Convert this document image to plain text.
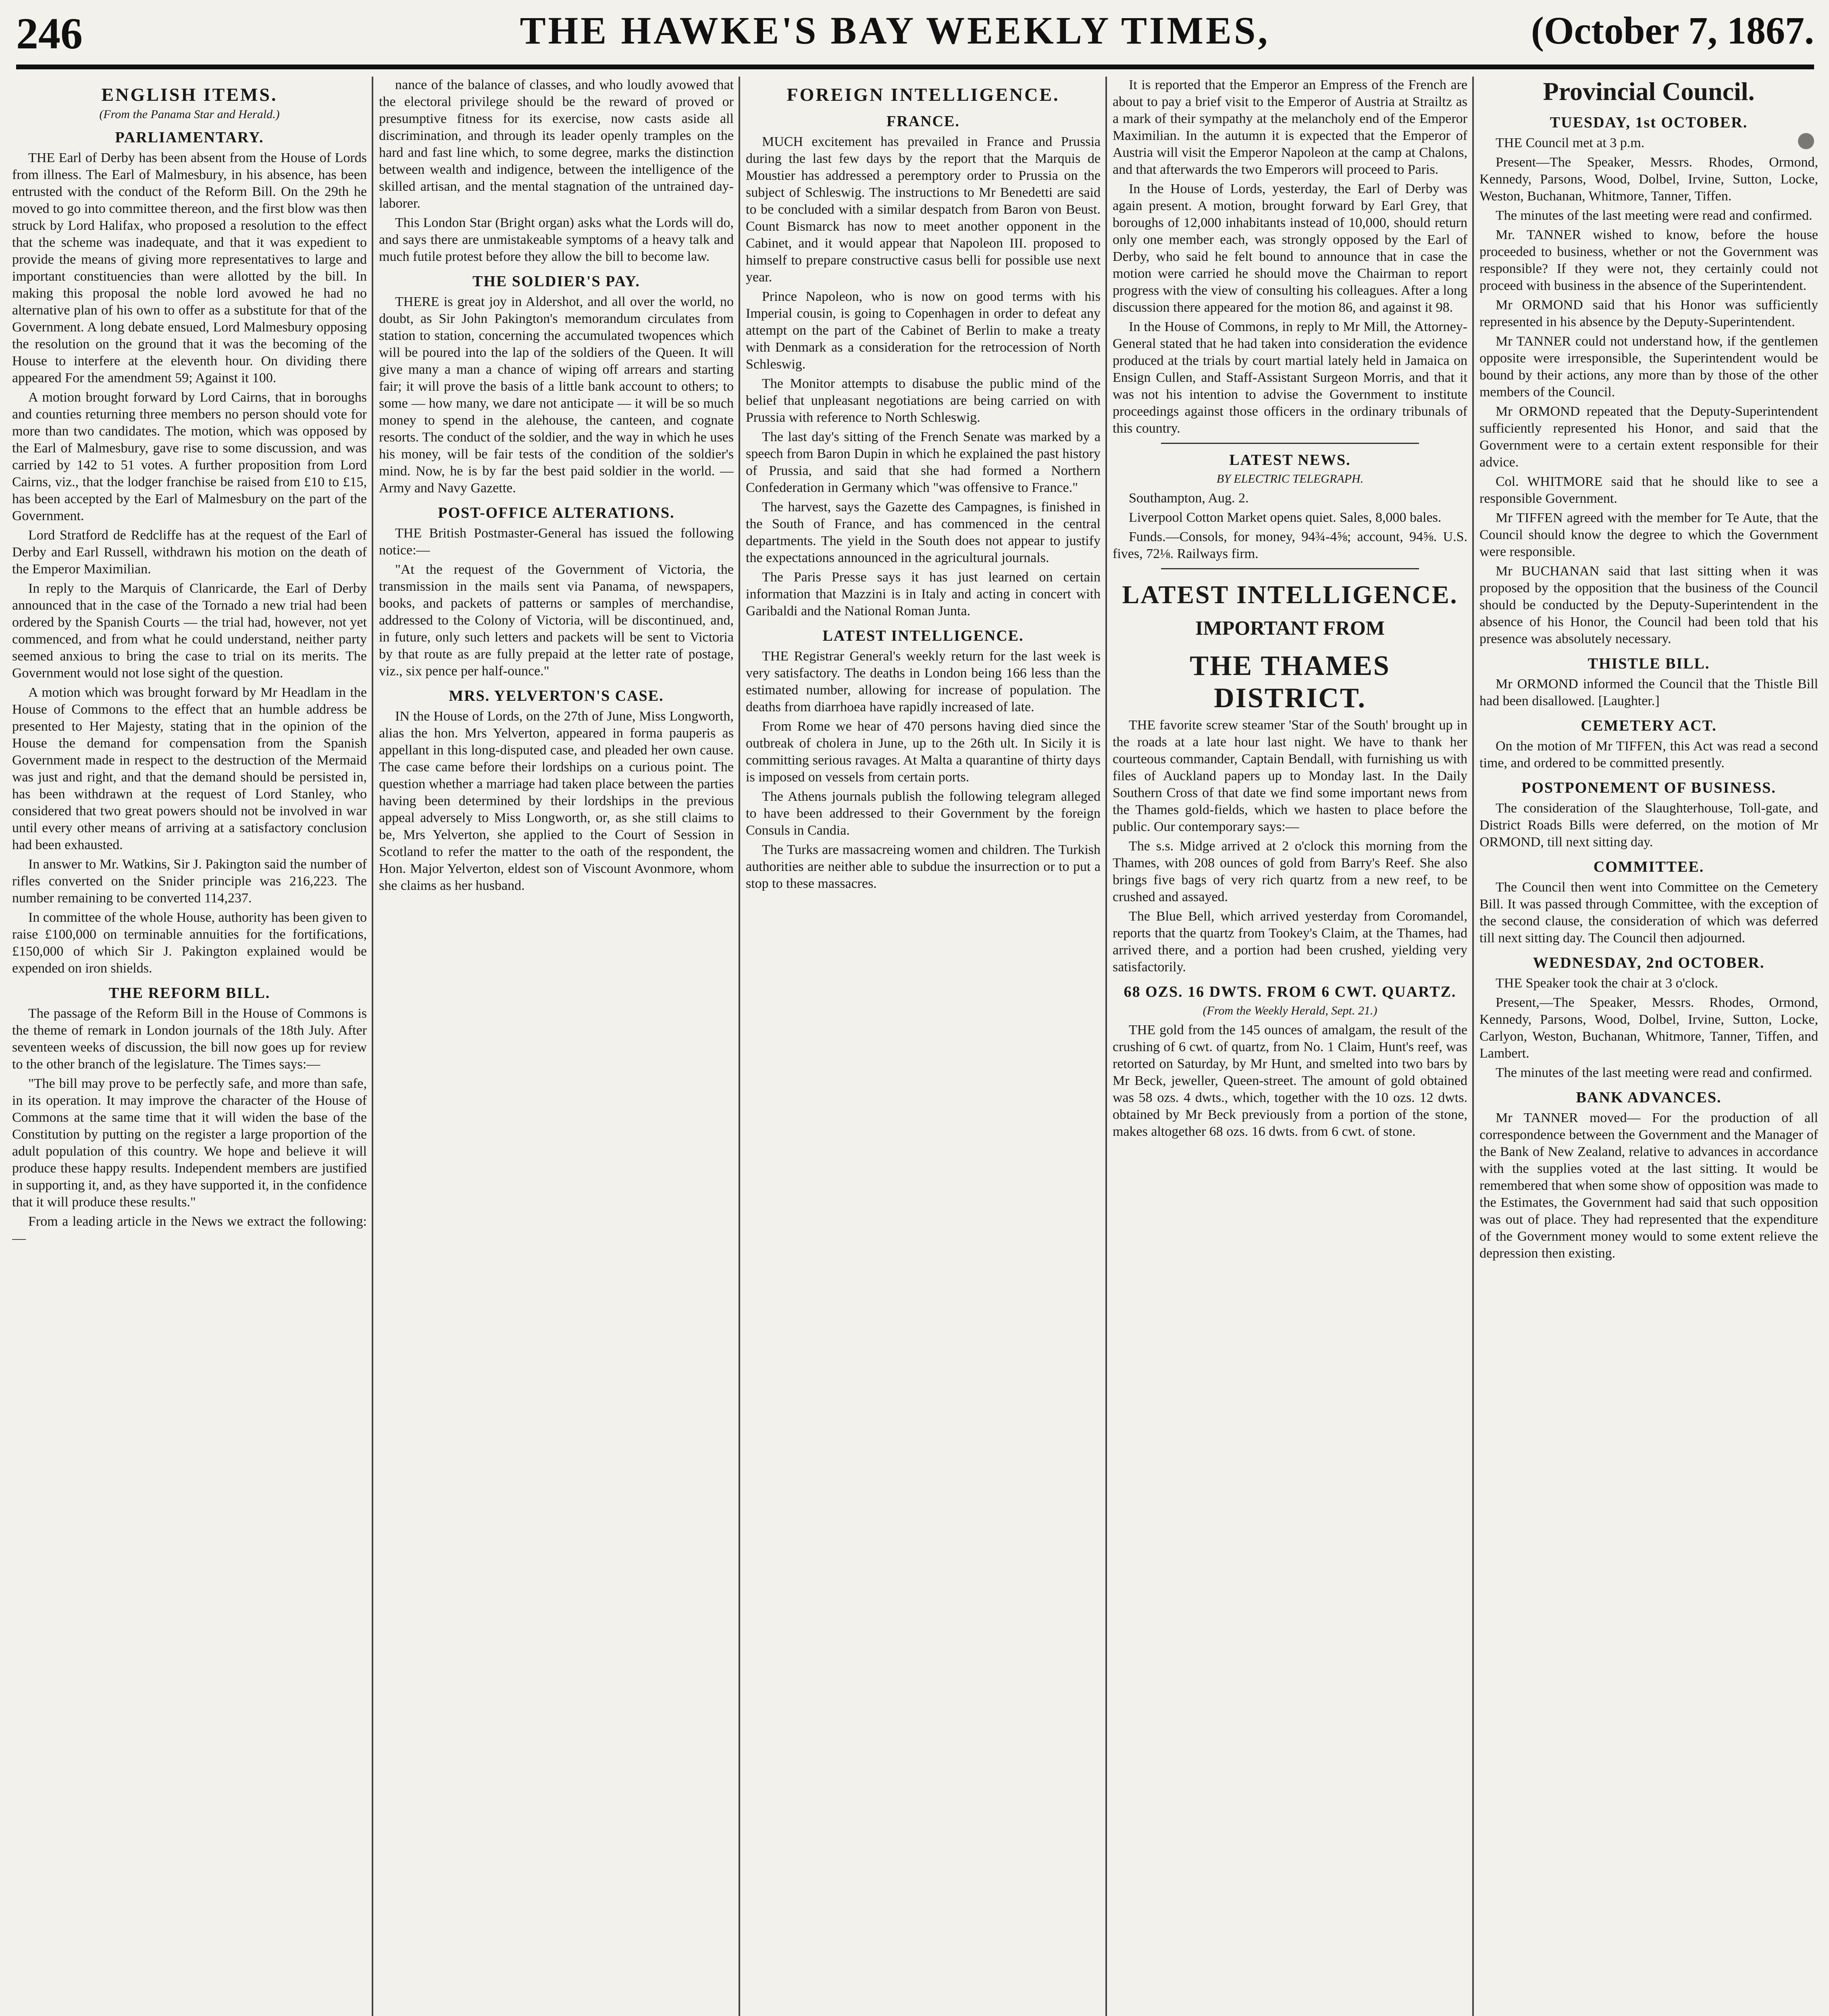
246	THE HAWKE'S BAY WEEKLY TIMES,	(October 7, 1867.
ENGLISH ITEMS.
(From the Panama Star and Herald.)
PARLIAMENTARY.

THE Earl of Derby has been absent from the House of Lords from illness. The Earl of Malmesbury, in his absence, has been entrusted with the conduct of the Reform Bill. On the 29th he moved to go into committee thereon, and the first blow was then struck by Lord Halifax, who proposed a resolution to the effect that the scheme was inadequate, and that it was expedient to provide the means of giving more representatives to large and important constituencies than were allotted by the bill. In making this proposal the noble lord avowed he had no alternative plan of his own to offer as a substitute for that of the Government. A long debate ensued, Lord Malmesbury opposing the resolution on the ground that it was the becoming of the House to interfere at the eleventh hour. On dividing there appeared For the amendment 59; Against it 100.

A motion brought forward by Lord Cairns, that in boroughs and counties returning three members no person should vote for more than two candidates. The motion, which was opposed by the Earl of Malmesbury, gave rise to some discussion, and was carried by 142 to 51 votes. A further proposition from Lord Cairns, viz., that the lodger franchise be raised from £10 to £15, has been accepted by the Earl of Malmesbury on the part of the Government.

Lord Stratford de Redcliffe has at the request of the Earl of Derby and Earl Russell, withdrawn his motion on the death of the Emperor Maximilian.

In reply to the Marquis of Clanricarde, the Earl of Derby announced that in the case of the Tornado a new trial had been ordered by the Spanish Courts — the trial had, however, not yet commenced, and from what he could understand, neither party seemed anxious to bring the case to trial on its merits. The Government would not lose sight of the question.

A motion which was brought forward by Mr Headlam in the House of Commons to the effect that an humble address be presented to Her Majesty, stating that in the opinion of the House the demand for compensation from the Spanish Government made in respect to the destruction of the Mermaid was just and right, and that the demand should be persisted in, has been withdrawn at the request of Lord Stanley, who considered that two great powers should not be involved in war until every other means of arriving at a satisfactory conclusion had been exhausted.

In answer to Mr. Watkins, Sir J. Pakington said the number of rifles converted on the Snider principle was 216,223. The number remaining to be converted 114,237.

In committee of the whole House, authority has been given to raise £100,000 on terminable annuities for the fortifications, £150,000 of which Sir J. Pakington explained would be expended on iron shields.

THE REFORM BILL.

The passage of the Reform Bill in the House of Commons is the theme of remark in London journals of the 18th July. After seventeen weeks of discussion, the bill now goes up for review to the other branch of the legislature. The Times says:—

"The bill may prove to be perfectly safe, and more than safe, in its operation. It may improve the character of the House of Commons at the same time that it will widen the base of the Constitution by putting on the register a large proportion of the adult population of this country. We hope and believe it will produce these happy results. Independent members are justified in supporting it, and, as they have supported it, in the confidence that it will produce these results."

From a leading article in the News we extract the following:—

nance of the balance of classes, and who loudly avowed that the electoral privilege should be the reward of proved or presumptive fitness for its exercise, now casts aside all discrimination, and through its leader openly tramples on the hard and fast line which, to some degree, marks the distinction between wealth and indigence, between the intelligence of the skilled artisan, and the mental stagnation of the untrained day-laborer.

This London Star (Bright organ) asks what the Lords will do, and says there are unmistakeable symptoms of a heavy talk and much futile protest before they allow the bill to become law.

THE SOLDIER'S PAY.

THERE is great joy in Aldershot, and all over the world, no doubt, as Sir John Pakington's memorandum circulates from station to station, concerning the accumulated twopences which will be poured into the lap of the soldiers of the Queen. It will give many a man a chance of wiping off arrears and starting fair; it will prove the basis of a little bank account to others; to some — how many, we dare not anticipate — it will be so much money to spend in the alehouse, the canteen, and cognate resorts. The conduct of the soldier, and the way in which he uses his money, will be fair tests of the condition of the soldier's mind. Now, he is by far the best paid soldier in the world. — Army and Navy Gazette.

POST-OFFICE ALTERATIONS.

THE British Postmaster-General has issued the following notice:—

"At the request of the Government of Victoria, the transmission in the mails sent via Panama, of newspapers, books, and packets of patterns or samples of merchandise, addressed to the Colony of Victoria, will be discontinued, and, in future, only such letters and packets will be sent to Victoria by that route as are fully prepaid at the letter rate of postage, viz., six pence per half-ounce."

MRS. YELVERTON'S CASE.

IN the House of Lords, on the 27th of June, Miss Longworth, alias the hon. Mrs Yelverton, appeared in forma pauperis as appellant in this long-disputed case, and pleaded her own cause. The case came before their lordships on a curious point. The question whether a marriage had taken place between the parties having been determined by their lordships in the previous appeal adversely to Miss Longworth, or, as she still claims to be, Mrs Yelverton, she applied to the Court of Session in Scotland to refer the matter to the oath of the respondent, the Hon. Major Yelverton, eldest son of Viscount Avonmore, whom she claims as her husband.

FOREIGN INTELLIGENCE.
FRANCE.

MUCH excitement has prevailed in France and Prussia during the last few days by the report that the Marquis de Moustier has addressed a peremptory order to Prussia on the subject of Schleswig. The instructions to Mr Benedetti are said to be concluded with a similar despatch from Baron von Beust. Count Bismarck has now to meet another opponent in the Cabinet, and it would appear that Napoleon III. proposed to himself to prepare constructive casus belli for possible use next year.

Prince Napoleon, who is now on good terms with his Imperial cousin, is going to Copenhagen in order to defeat any attempt on the part of the Cabinet of Berlin to make a treaty with Denmark as a consideration for the retrocession of North Schleswig.

The Monitor attempts to disabuse the public mind of the belief that unpleasant negotiations are being carried on with Prussia with reference to North Schleswig.

The last day's sitting of the French Senate was marked by a speech from Baron Dupin in which he explained the past history of Prussia, and said that she had formed a Northern Confederation in Germany which "was offensive to France."

The harvest, says the Gazette des Campagnes, is finished in the South of France, and has commenced in the central departments. The yield in the South does not appear to justify the expectations announced in the agricultural journals.

The Paris Presse says it has just learned on certain information that Mazzini is in Italy and acting in concert with Garibaldi and the National Roman Junta.

LATEST INTELLIGENCE.

THE Registrar General's weekly return for the last week is very satisfactory. The deaths in London being 166 less than the estimated number, allowing for increase of population. The deaths from diarrhoea have rapidly increased of late.

From Rome we hear of 470 persons having died since the outbreak of cholera in June, up to the 26th ult. In Sicily it is committing serious ravages. At Malta a quarantine of thirty days is imposed on vessels from certain ports.

The Athens journals publish the following telegram alleged to have been addressed to their Government by the foreign Consuls in Candia.

The Turks are massacreing women and children. The Turkish authorities are neither able to subdue the insurrection or to put a stop to these massacres.

It is reported that the Emperor an Empress of the French are about to pay a brief visit to the Emperor of Austria at Strailtz as a mark of their sympathy at the melancholy end of the Emperor Maximilian. In the autumn it is expected that the Emperor of Austria will visit the Emperor Napoleon at the camp at Chalons, and that afterwards the two Emperors will proceed to Paris.

In the House of Lords, yesterday, the Earl of Derby was again present. A motion, brought forward by Earl Grey, that boroughs of 12,000 inhabitants instead of 10,000, should return only one member each, was strongly opposed by the Earl of Derby, who said he felt bound to announce that in case the motion were carried he should move the Chairman to report progress with the view of consulting his colleagues. After a long discussion there appeared for the motion 86, and against it 98.

In the House of Commons, in reply to Mr Mill, the Attorney-General stated that he had taken into consideration the evidence produced at the trials by court martial lately held in Jamaica on Ensign Cullen, and Staff-Assistant Surgeon Morris, and that it was not his intention to advise the Government to institute proceedings against those officers in the ordinary tribunals of this country.

LATEST NEWS.
BY ELECTRIC TELEGRAPH.

Southampton, Aug. 2.

Liverpool Cotton Market opens quiet. Sales, 8,000 bales.

Funds.—Consols, for money, 94¾-4⅝; account, 94⅝. U.S. fives, 72⅛. Railways firm.

LATEST INTELLIGENCE.
IMPORTANT FROM
THE THAMES DISTRICT.

THE favorite screw steamer 'Star of the South' brought up in the roads at a late hour last night. We have to thank her courteous commander, Captain Bendall, with furnishing us with files of Auckland papers up to Monday last. In the Daily Southern Cross of that date we find some important news from the Thames gold-fields, which we hasten to place before the public. Our contemporary says:—

The s.s. Midge arrived at 2 o'clock this morning from the Thames, with 208 ounces of gold from Barry's Reef. She also brings five bags of very rich quartz from a new reef, to be crushed and assayed.

The Blue Bell, which arrived yesterday from Coromandel, reports that the quartz from Tookey's Claim, at the Thames, had arrived there, and a portion had been crushed, yielding very satisfactorily.

68 OZS. 16 DWTS. FROM 6 CWT. QUARTZ.
(From the Weekly Herald, Sept. 21.)

THE gold from the 145 ounces of amalgam, the result of the crushing of 6 cwt. of quartz, from No. 1 Claim, Hunt's reef, was retorted on Saturday, by Mr Hunt, and smelted into two bars by Mr Beck, jeweller, Queen-street. The amount of gold obtained was 58 ozs. 4 dwts., which, together with the 10 ozs. 12 dwts. obtained by Mr Beck previously from a portion of the stone, makes altogether 68 ozs. 16 dwts. from 6 cwt. of stone.

Provincial Council.
TUESDAY, 1st OCTOBER.

THE Council met at 3 p.m.

Present—The Speaker, Messrs. Rhodes, Ormond, Kennedy, Parsons, Wood, Dolbel, Irvine, Sutton, Locke, Weston, Buchanan, Whitmore, Tanner, Tiffen.

The minutes of the last meeting were read and confirmed.

Mr. TANNER wished to know, before the house proceeded to business, whether or not the Government was responsible? If they were not, they certainly could not proceed with business in the absence of the Superintendent.

Mr ORMOND said that his Honor was sufficiently represented in his absence by the Deputy-Superintendent.

Mr TANNER could not understand how, if the gentlemen opposite were irresponsible, the Superintendent would be bound by their actions, any more than by those of the other members of the Council.

Mr ORMOND repeated that the Deputy-Superintendent sufficiently represented his Honor, and said that the Government were to a certain extent responsible for their advice.

Col. WHITMORE said that he should like to see a responsible Government.

Mr TIFFEN agreed with the member for Te Aute, that the Council should know the degree to which the Government were responsible.

Mr BUCHANAN said that last sitting when it was proposed by the opposition that the business of the Council should be conducted by the Deputy-Superintendent in the absence of his Honor, the Council had been told that his presence was absolutely necessary.

THISTLE BILL.

Mr ORMOND informed the Council that the Thistle Bill had been disallowed. [Laughter.]

CEMETERY ACT.

On the motion of Mr TIFFEN, this Act was read a second time, and ordered to be committed presently.

POSTPONEMENT OF BUSINESS.

The consideration of the Slaughterhouse, Toll-gate, and District Roads Bills were deferred, on the motion of Mr ORMOND, till next sitting day.

COMMITTEE.

The Council then went into Committee on the Cemetery Bill. It was passed through Committee, with the exception of the second clause, the consideration of which was deferred till next sitting day. The Council then adjourned.

WEDNESDAY, 2nd OCTOBER.

THE Speaker took the chair at 3 o'clock.

Present,—The Speaker, Messrs. Rhodes, Ormond, Kennedy, Parsons, Wood, Dolbel, Irvine, Sutton, Locke, Carlyon, Weston, Buchanan, Whitmore, Tanner, Tiffen, and Lambert.

The minutes of the last meeting were read and confirmed.

BANK ADVANCES.

Mr TANNER moved— For the production of all correspondence between the Government and the Manager of the Bank of New Zealand, relative to advances in accordance with the supplies voted at the last sitting. It would be remembered that when some show of opposition was made to the Estimates, the Government had said that such opposition was out of place. They had represented that the expenditure of the Government money would to some extent relieve the depression then existing.
